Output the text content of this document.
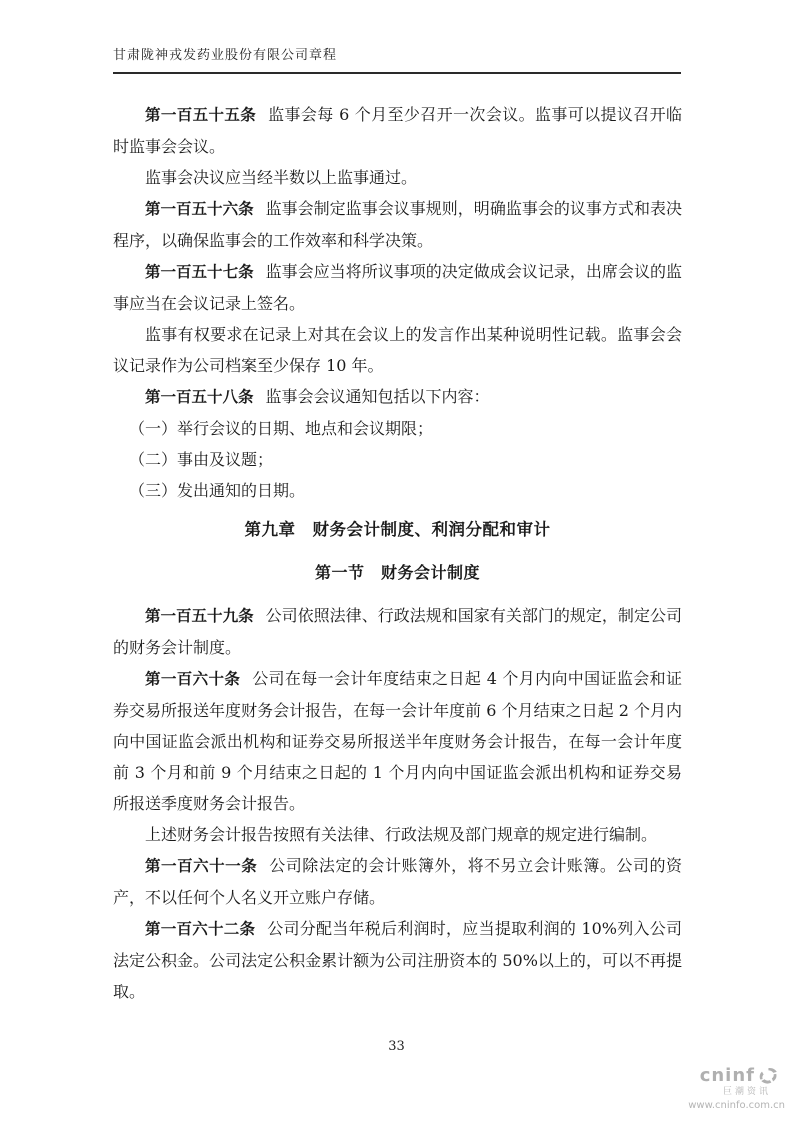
甘肃陇神戎发药业股份有限公司章程

第一百五十五条 监事会每 6 个月至少召开一次会议。监事可以提议召开临时监事会会议。

监事会决议应当经半数以上监事通过。

第一百五十六条 监事会制定监事会议事规则，明确监事会的议事方式和表决程序，以确保监事会的工作效率和科学决策。

第一百五十七条 监事会应当将所议事项的决定做成会议记录，出席会议的监事应当在会议记录上签名。

监事有权要求在记录上对其在会议上的发言作出某种说明性记载。监事会会议记录作为公司档案至少保存 10 年。

第一百五十八条 监事会会议通知包括以下内容：

（一）举行会议的日期、地点和会议期限；

（二）事由及议题；

（三）发出通知的日期。

第九章　财务会计制度、利润分配和审计
第一节　财务会计制度

第一百五十九条 公司依照法律、行政法规和国家有关部门的规定，制定公司的财务会计制度。

第一百六十条 公司在每一会计年度结束之日起 4 个月内向中国证监会和证券交易所报送年度财务会计报告，在每一会计年度前 6 个月结束之日起 2 个月内向中国证监会派出机构和证券交易所报送半年度财务会计报告，在每一会计年度前 3 个月和前 9 个月结束之日起的 1 个月内向中国证监会派出机构和证券交易所报送季度财务会计报告。

上述财务会计报告按照有关法律、行政法规及部门规章的规定进行编制。

第一百六十一条 公司除法定的会计账簿外，将不另立会计账簿。公司的资产，不以任何个人名义开立账户存储。

第一百六十二条 公司分配当年税后利润时，应当提取利润的 10%列入公司法定公积金。公司法定公积金累计额为公司注册资本的 50%以上的，可以不再提取。

33
cninf
巨潮资讯
www.cninfo.com.cn
